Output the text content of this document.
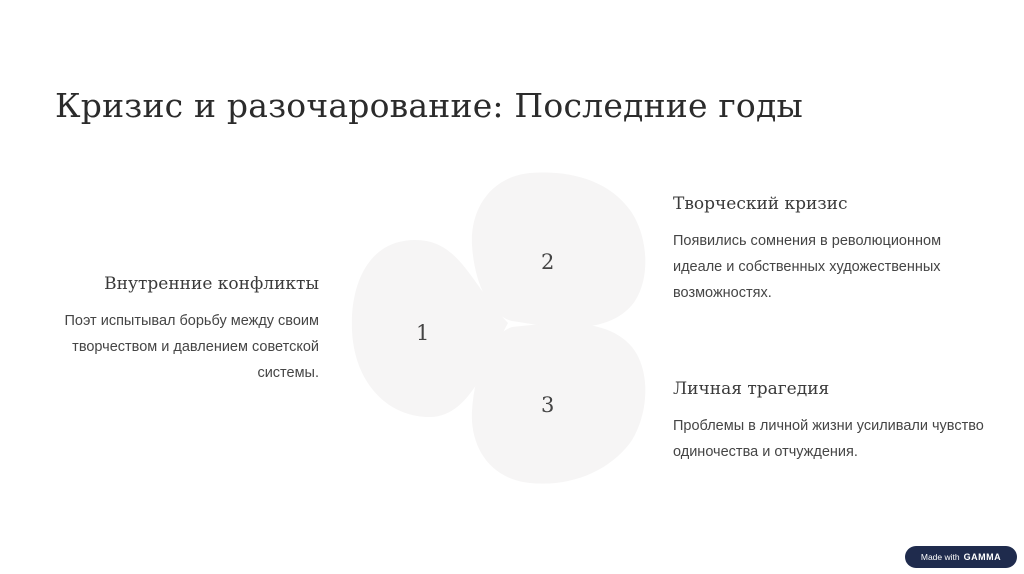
Кризис и разочарование: Последние годы
1
2
3
Внутренние конфликты

Поэт испытывал борьбу между своим творчеством и давлением советской системы.

Творческий кризис

Появились сомнения в революционном идеале и собственных художественных возможностях.

Личная трагедия

Проблемы в личной жизни усиливали чувство одиночества и отчуждения.

Made with GAMMA
